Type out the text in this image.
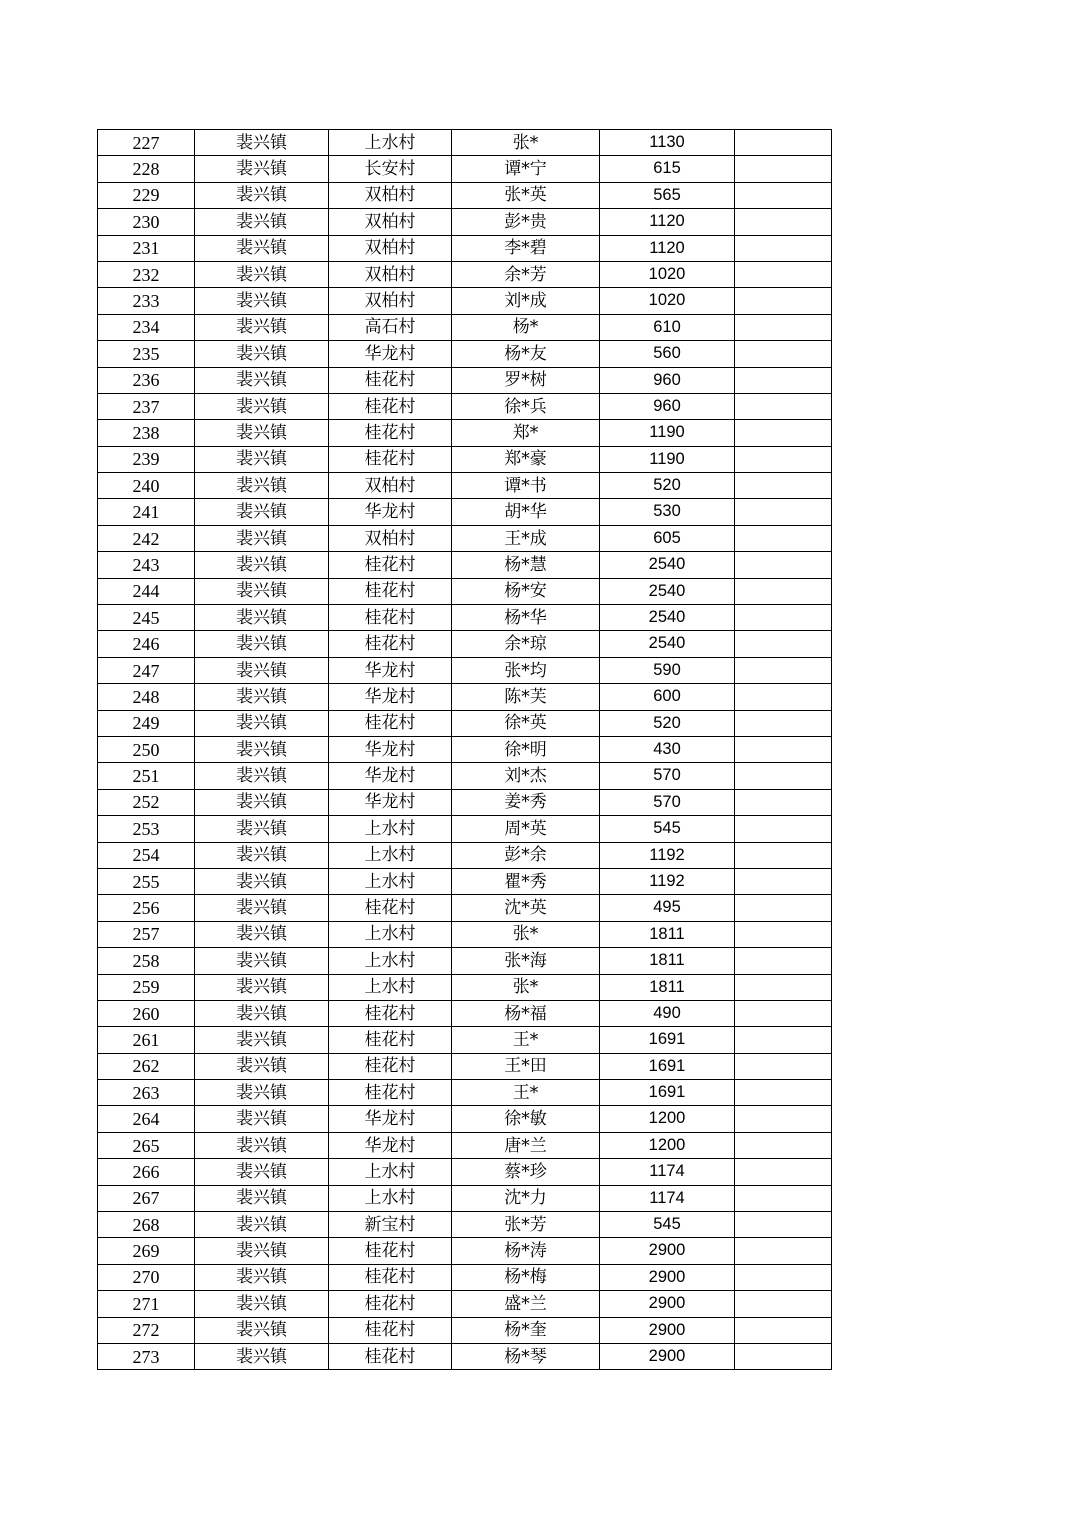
227	裴兴镇	上水村	张*	1130	
228	裴兴镇	长安村	谭*宁	615	
229	裴兴镇	双柏村	张*英	565	
230	裴兴镇	双柏村	彭*贵	1120	
231	裴兴镇	双柏村	李*碧	1120	
232	裴兴镇	双柏村	余*芳	1020	
233	裴兴镇	双柏村	刘*成	1020	
234	裴兴镇	高石村	杨*	610	
235	裴兴镇	华龙村	杨*友	560	
236	裴兴镇	桂花村	罗*树	960	
237	裴兴镇	桂花村	徐*兵	960	
238	裴兴镇	桂花村	郑*	1190	
239	裴兴镇	桂花村	郑*豪	1190	
240	裴兴镇	双柏村	谭*书	520	
241	裴兴镇	华龙村	胡*华	530	
242	裴兴镇	双柏村	王*成	605	
243	裴兴镇	桂花村	杨*慧	2540	
244	裴兴镇	桂花村	杨*安	2540	
245	裴兴镇	桂花村	杨*华	2540	
246	裴兴镇	桂花村	余*琼	2540	
247	裴兴镇	华龙村	张*均	590	
248	裴兴镇	华龙村	陈*芙	600	
249	裴兴镇	桂花村	徐*英	520	
250	裴兴镇	华龙村	徐*明	430	
251	裴兴镇	华龙村	刘*杰	570	
252	裴兴镇	华龙村	姜*秀	570	
253	裴兴镇	上水村	周*英	545	
254	裴兴镇	上水村	彭*余	1192	
255	裴兴镇	上水村	瞿*秀	1192	
256	裴兴镇	桂花村	沈*英	495	
257	裴兴镇	上水村	张*	1811	
258	裴兴镇	上水村	张*海	1811	
259	裴兴镇	上水村	张*	1811	
260	裴兴镇	桂花村	杨*福	490	
261	裴兴镇	桂花村	王*	1691	
262	裴兴镇	桂花村	王*田	1691	
263	裴兴镇	桂花村	王*	1691	
264	裴兴镇	华龙村	徐*敏	1200	
265	裴兴镇	华龙村	唐*兰	1200	
266	裴兴镇	上水村	蔡*珍	1174	
267	裴兴镇	上水村	沈*力	1174	
268	裴兴镇	新宝村	张*芳	545	
269	裴兴镇	桂花村	杨*涛	2900	
270	裴兴镇	桂花村	杨*梅	2900	
271	裴兴镇	桂花村	盛*兰	2900	
272	裴兴镇	桂花村	杨*奎	2900	
273	裴兴镇	桂花村	杨*琴	2900	
